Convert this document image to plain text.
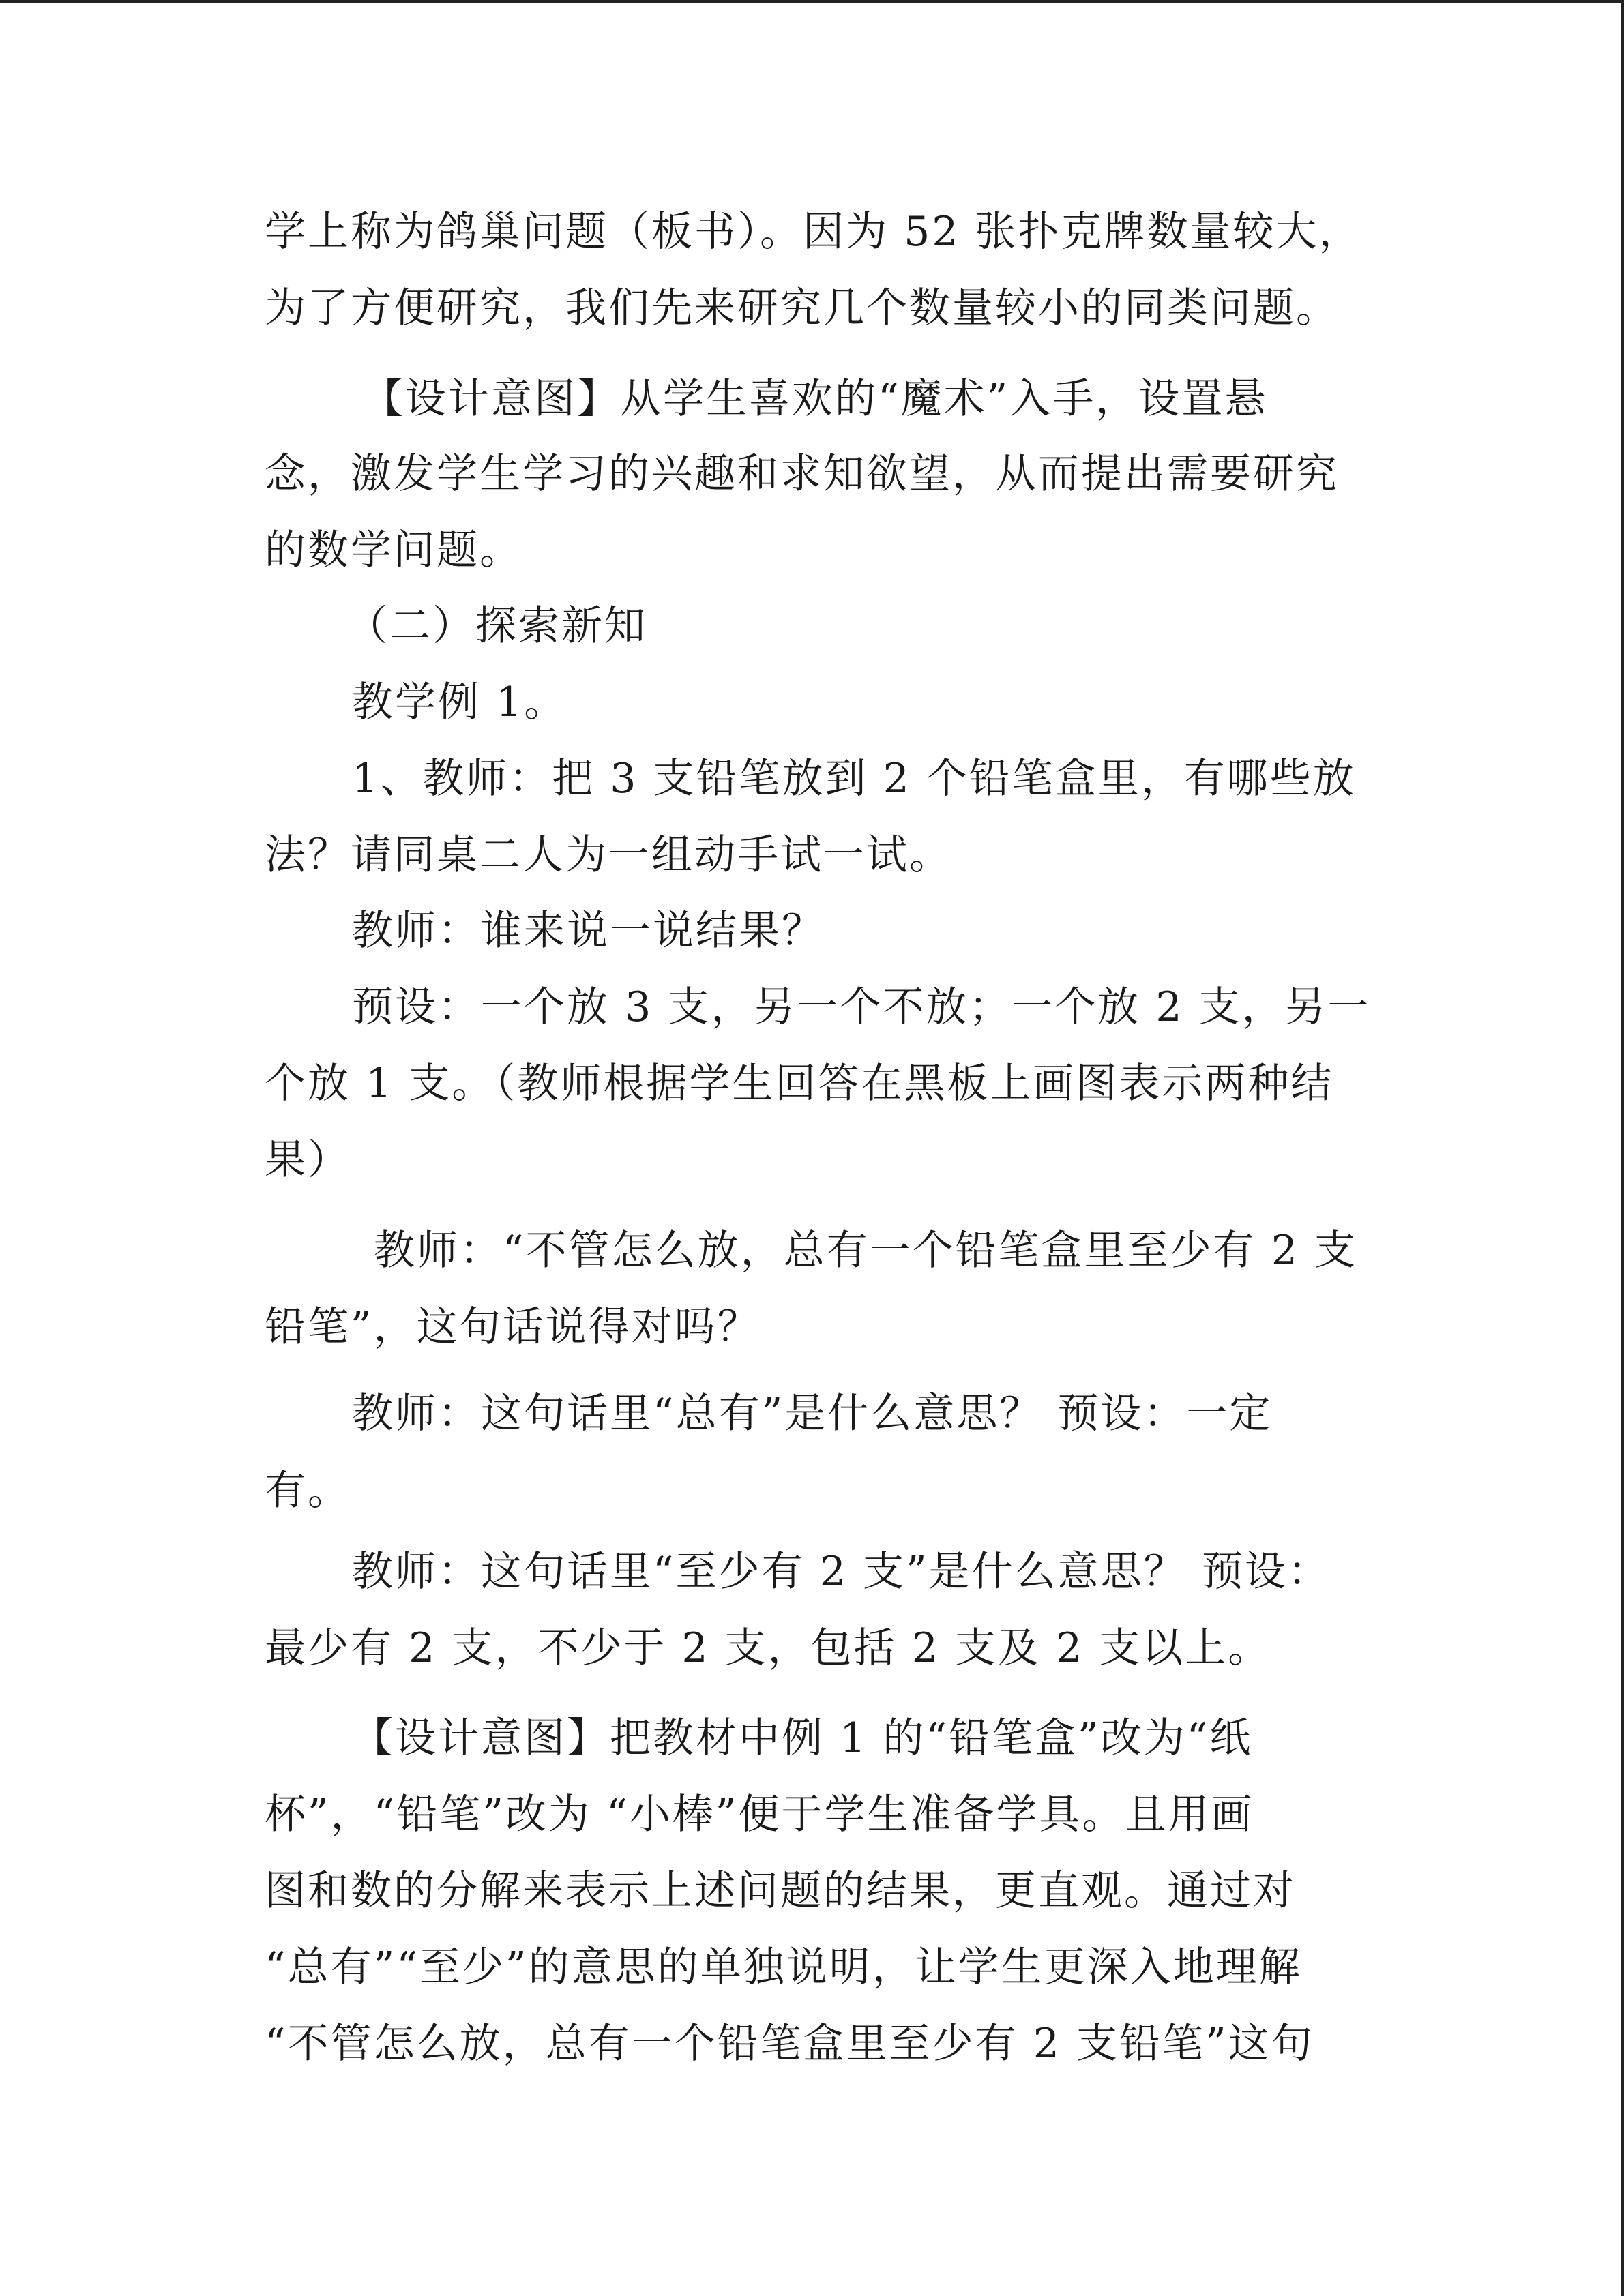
学上称为鸽巢问题（板书）。因为 52 张扑克牌数量较大，
为了方便研究，我们先来研究几个数量较小的同类问题。
【设计意图】从学生喜欢的“魔术”入手，设置悬
念，激发学生学习的兴趣和求知欲望，从而提出需要研究
的数学问题。
（二）探索新知
教学例 1。
1、教师：把 3 支铅笔放到 2 个铅笔盒里，有哪些放
法？请同桌二人为一组动手试一试。
教师：谁来说一说结果？
预设：一个放 3 支，另一个不放；一个放 2 支，另一
个放 1 支。（教师根据学生回答在黑板上画图表示两种结
果）
教师：“不管怎么放，总有一个铅笔盒里至少有 2 支
铅笔”，这句话说得对吗？
教师：这句话里“总有”是什么意思？ 预设：一定
有。
教师：这句话里“至少有 2 支”是什么意思？ 预设：
最少有 2 支，不少于 2 支，包括 2 支及 2 支以上。
【设计意图】把教材中例 1 的“铅笔盒”改为“纸
杯”，“铅笔”改为 “小棒”便于学生准备学具。且用画
图和数的分解来表示上述问题的结果，更直观。通过对
“总有”“至少”的意思的单独说明，让学生更深入地理解
“不管怎么放，总有一个铅笔盒里至少有 2 支铅笔”这句
